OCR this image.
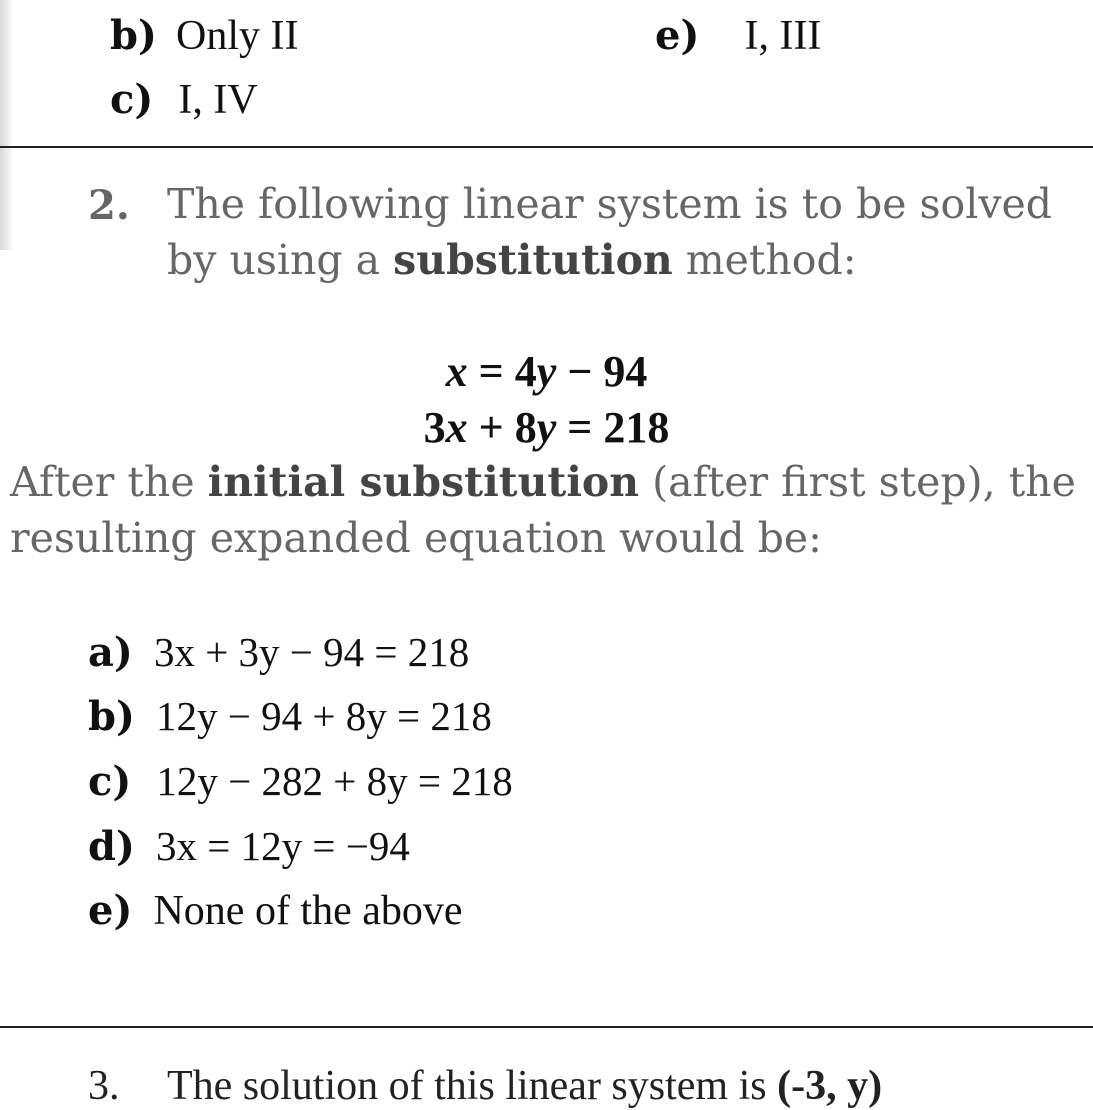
b) Only II
c) I, IV
e) I, III
2. The following linear system is to be solved
by using a substitution method:
x = 4y − 94
3x + 8y = 218
After the initial substitution (after first step), the
resulting expanded equation would be:
a) 3x + 3y − 94 = 218
b) 12y − 94 + 8y = 218
c) 12y − 282 + 8y = 218
d) 3x = 12y = −94
e) None of the above
3. The solution of this linear system is (-3, y)
